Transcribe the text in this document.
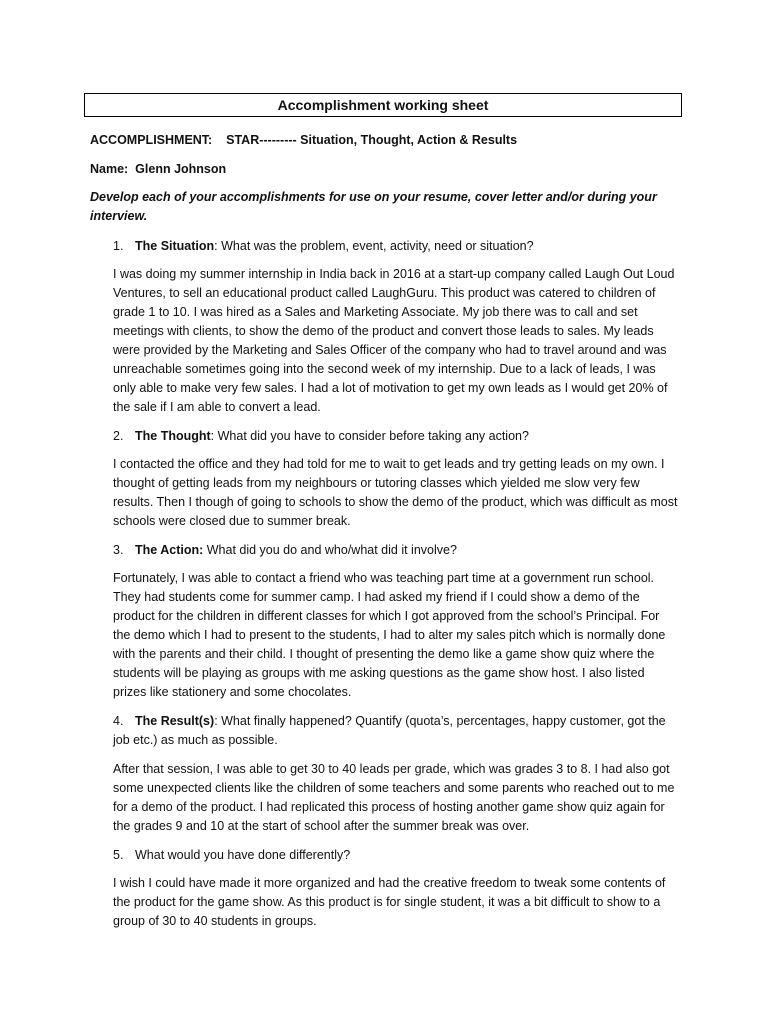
Accomplishment working sheet
ACCOMPLISHMENT: STAR--------- Situation, Thought, Action & Results
Name: Glenn Johnson
Develop each of your accomplishments for use on your resume, cover letter and/or during your interview.
1. The Situation: What was the problem, event, activity, need or situation?
I was doing my summer internship in India back in 2016 at a start-up company called Laugh Out Loud Ventures, to sell an educational product called LaughGuru. This product was catered to children of grade 1 to 10. I was hired as a Sales and Marketing Associate. My job there was to call and set meetings with clients, to show the demo of the product and convert those leads to sales. My leads were provided by the Marketing and Sales Officer of the company who had to travel around and was unreachable sometimes going into the second week of my internship. Due to a lack of leads, I was only able to make very few sales. I had a lot of motivation to get my own leads as I would get 20% of the sale if I am able to convert a lead.
2. The Thought: What did you have to consider before taking any action?
I contacted the office and they had told for me to wait to get leads and try getting leads on my own. I thought of getting leads from my neighbours or tutoring classes which yielded me slow very few results. Then I though of going to schools to show the demo of the product, which was difficult as most schools were closed due to summer break.
3. The Action: What did you do and who/what did it involve?
Fortunately, I was able to contact a friend who was teaching part time at a government run school. They had students come for summer camp. I had asked my friend if I could show a demo of the product for the children in different classes for which I got approved from the school’s Principal. For the demo which I had to present to the students, I had to alter my sales pitch which is normally done with the parents and their child. I thought of presenting the demo like a game show quiz where the students will be playing as groups with me asking questions as the game show host. I also listed prizes like stationery and some chocolates.
4. The Result(s): What finally happened? Quantify (quota’s, percentages, happy customer, got the job etc.) as much as possible.
After that session, I was able to get 30 to 40 leads per grade, which was grades 3 to 8. I had also got some unexpected clients like the children of some teachers and some parents who reached out to me for a demo of the product. I had replicated this process of hosting another game show quiz again for the grades 9 and 10 at the start of school after the summer break was over.
5. What would you have done differently?
I wish I could have made it more organized and had the creative freedom to tweak some contents of the product for the game show. As this product is for single student, it was a bit difficult to show to a group of 30 to 40 students in groups.
